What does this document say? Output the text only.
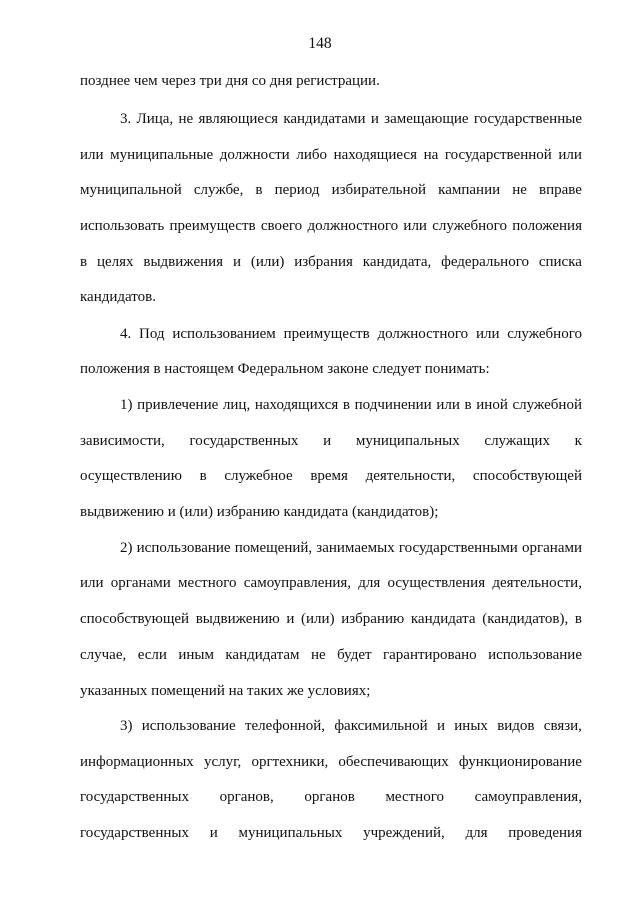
148
позднее чем через три дня со дня регистрации.
3. Лица, не являющиеся кандидатами и замещающие государственные
или муниципальные должности либо находящиеся на государственной или
муниципальной службе, в период избирательной кампании не вправе
использовать преимуществ своего должностного или служебного положения
в целях выдвижения и (или) избрания кандидата, федерального списка
кандидатов.
4. Под использованием преимуществ должностного или служебного
положения в настоящем Федеральном законе следует понимать:
1) привлечение лиц, находящихся в подчинении или в иной служебной
зависимости, государственных и муниципальных служащих к
осуществлению в служебное время деятельности, способствующей
выдвижению и (или) избранию кандидата (кандидатов);
2) использование помещений, занимаемых государственными органами
или органами местного самоуправления, для осуществления деятельности,
способствующей выдвижению и (или) избранию кандидата (кандидатов), в
случае, если иным кандидатам не будет гарантировано использование
указанных помещений на таких же условиях;
3) использование телефонной, факсимильной и иных видов связи,
информационных услуг, оргтехники, обеспечивающих функционирование
государственных органов, органов местного самоуправления,
государственных и муниципальных учреждений, для проведения
